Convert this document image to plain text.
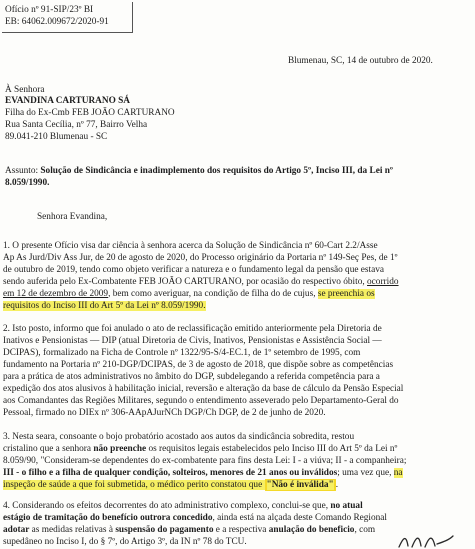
Ofício nº 91-SIP/23º BI
EB: 64062.009672/2020-91
Blumenau, SC, 14 de outubro de 2020.
À Senhora
EVANDINA CARTURANO SÁ
Filha do Ex-Cmb FEB JOÃO CARTURANO
Rua Santa Cecília, nº 77, Bairro Velha
89.041-210 Blumenau - SC
Assunto: Solução de Sindicância e inadimplemento dos requisitos do Artigo 5º, Inciso III, da Lei nº
8.059/1990.
Senhora Evandina,
1. O presente Ofício visa dar ciência à senhora acerca da Solução de Sindicância nº 60-Cart 2.2/Asse
Ap As Jurd/Div Ass Jur, de 20 de agosto de 2020, do Processo originário da Portaria nº 149-Seç Pes, de 1º
de outubro de 2019, tendo como objeto verificar a natureza e o fundamento legal da pensão que estava
sendo auferida pelo Ex-Combatente FEB JOÃO CARTURANO, por ocasião do respectivo óbito, ocorrido
em 12 de dezembro de 2009, bem como averiguar, na condição de filha do de cujus, se preenchia os
requisitos do Inciso III do Art 5º da Lei nº 8.059/1990.
2. Isto posto, informo que foi anulado o ato de reclassificação emitido anteriormente pela Diretoria de
Inativos e Pensionistas — DIP (atual Diretoria de Civis, Inativos, Pensionistas e Assistência Social —
DCIPAS), formalizado na Ficha de Controle nº 1322/95-S/4-EC.1, de 1º setembro de 1995, com
fundamento na Portaria nº 210-DGP/DCIPAS, de 3 de agosto de 2018, que dispõe sobre as competências
para a prática de atos administrativos no âmbito do DGP, subdelegando a referida competência para a
expedição dos atos alusivos à habilitação inicial, reversão e alteração da base de cálculo da Pensão Especial
aos Comandantes das Regiões Militares, segundo o entendimento asseverado pelo Departamento-Geral do
Pessoal, firmado no DIEx nº 306-AApAJurNCh DGP/Ch DGP, de 2 de junho de 2020.
3. Nesta seara, consoante o bojo probatório acostado aos autos da sindicância sobredita, restou
cristalino que a senhora não preenche os requisitos legais estabelecidos pelo Inciso III do Art 5º da Lei nº
8.059/90, "Consideram-se dependentes do ex-combatente para fins desta Lei: I - a viúva; II - a companheira;
III - o filho e a filha de qualquer condição, solteiros, menores de 21 anos ou inválidos; uma vez que, na
inspeção de saúde a que foi submetida, o médico perito constatou que "Não é inválida" .
4. Considerando os efeitos decorrentes do ato administrativo complexo, conclui-se que, no atual
estágio de tramitação do benefício outrora concedido, ainda está na alçada deste Comando Regional
adotar as medidas relativas à suspensão do pagamento e a respectiva anulação do beneficio, com
supedâneo no Inciso I, do § 7º, do Artigo 3º, da IN nº 78 do TCU.
